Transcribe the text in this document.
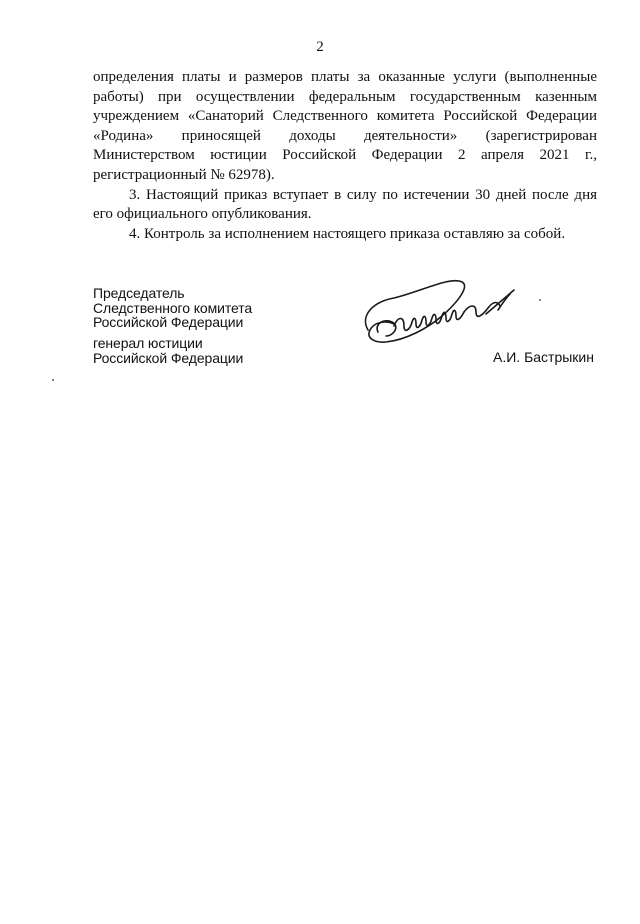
2

определения платы и размеров платы за оказанные услуги (выполненные работы) при осуществлении федеральным государственным казенным учреждением «Санаторий Следственного комитета Российской Федерации «Родина» приносящей доходы деятельности» (зарегистрирован Министерством юстиции Российской Федерации 2 апреля 2021 г., регистрационный № 62978).

3. Настоящий приказ вступает в силу по истечении 30 дней после дня его официального опубликования.

4. Контроль за исполнением настоящего приказа оставляю за собой.

Председатель
Следственного комитета
Российской Федерации
генерал юстиции
Российской Федерации	А.И. Бастрыкин
